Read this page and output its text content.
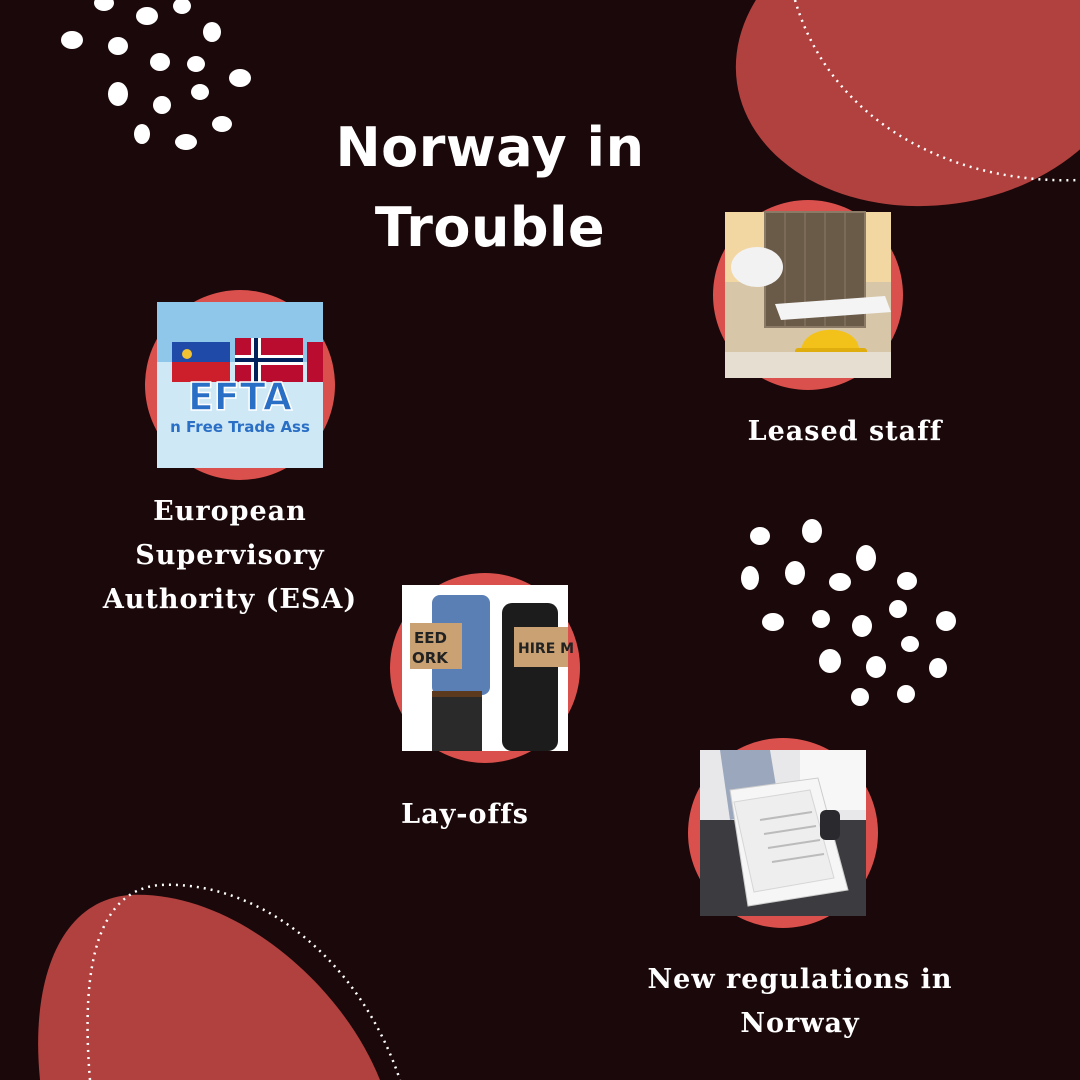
Norway in Trouble
EFTA
n Free Trade Ass
European Supervisory Authority (ESA)
Leased staff
EED
ORK	HIRE M
Lay-offs
New regulations in Norway
